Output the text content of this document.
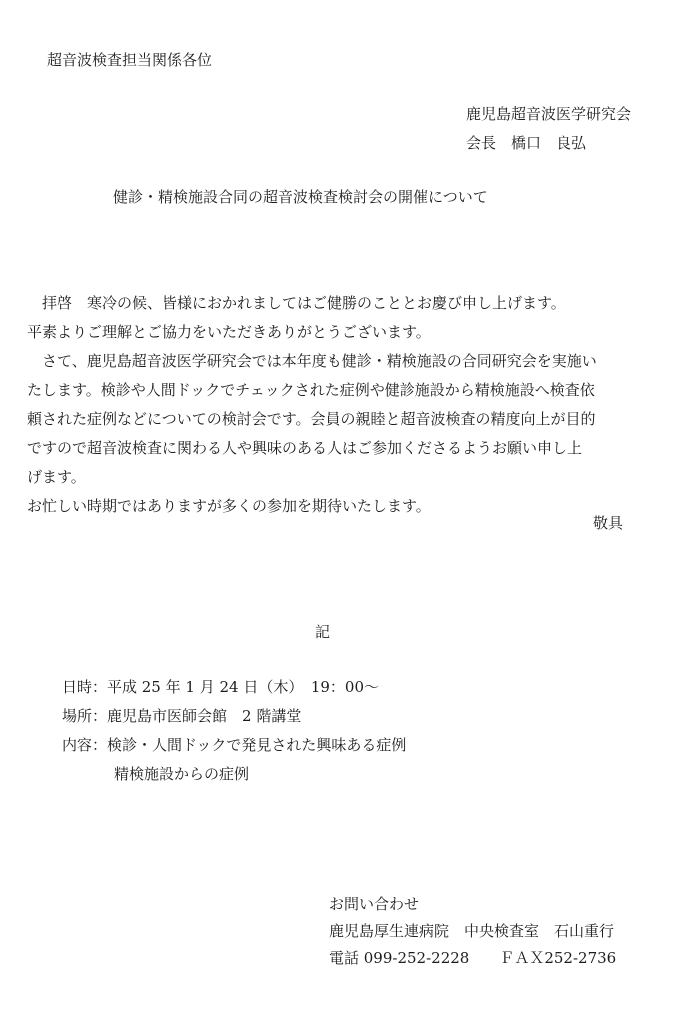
超音波検査担当関係各位
鹿児島超音波医学研究会
会長　橋口　良弘
健診・精検施設合同の超音波検査検討会の開催について
　拝啓　寒冷の候、皆様におかれましてはご健勝のこととお慶び申し上げます。
平素よりご理解とご協力をいただきありがとうございます。
　さて、鹿児島超音波医学研究会では本年度も健診・精検施設の合同研究会を実施い
たします。検診や人間ドックでチェックされた症例や健診施設から精検施設へ検査依
頼された症例などについての検討会です。会員の親睦と超音波検査の精度向上が目的
ですので超音波検査に関わる人や興味のある人はご参加くださるようお願い申し上
げます。
お忙しい時期ではありますが多くの参加を期待いたします。
敬具
記
日時：平成 25 年 1 月 24 日（木）　19：00～
場所：鹿児島市医師会館　2 階講堂
内容：検診・人間ドックで発見された興味ある症例
精検施設からの症例
お問い合わせ
鹿児島厚生連病院　中央検査室　石山重行
電話 099-252-2228 ＦＡＸ252-2736
